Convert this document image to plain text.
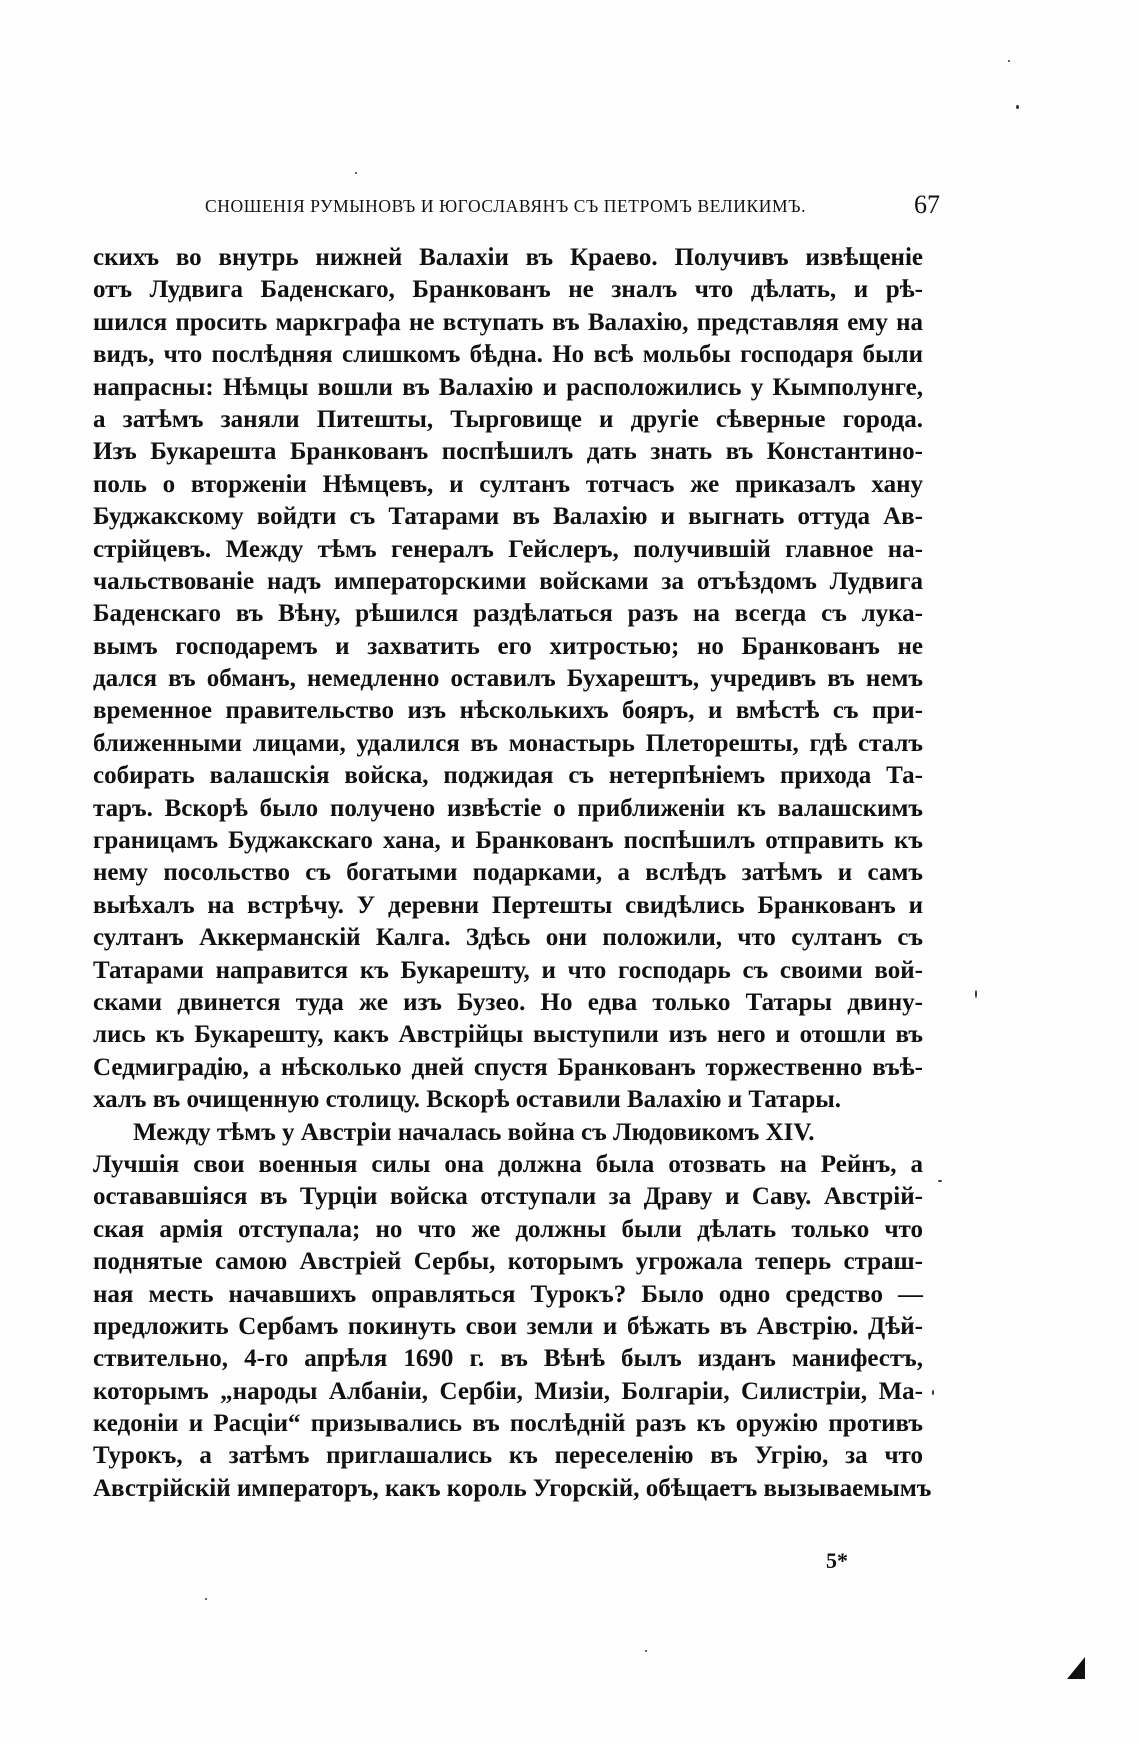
СНОШЕНІЯ РУМЫНОВЪ И ЮГОСЛАВЯНЪ СЪ ПЕТРОМЪ ВЕЛИКИМЪ.	67
скихъ во внутрь нижней Валахіи въ Краево. Получивъ извѣщеніе
отъ Лудвига Баденскаго, Бранкованъ не зналъ что дѣлать, и рѣ-
шился просить маркграфа не вступать въ Валахію, представляя ему на
видъ, что послѣдняя слишкомъ бѣдна. Но всѣ мольбы господаря были
напрасны: Нѣмцы вошли въ Валахію и расположились у Кымполунге,
а затѣмъ заняли Питешты, Тырговище и другіе сѣверные города.
Изъ Букарешта Бранкованъ поспѣшилъ дать знать въ Константино-
поль о вторженіи Нѣмцевъ, и султанъ тотчасъ же приказалъ хану
Буджакскому войдти съ Татарами въ Валахію и выгнать оттуда Ав-
стрійцевъ. Между тѣмъ генералъ Гейслеръ, получившій главное на-
чальствованіе надъ императорскими войсками за отъѣздомъ Лудвига
Баденскаго въ Вѣну, рѣшился раздѣлаться разъ на всегда съ лука-
вымъ господаремъ и захватить его хитростью; но Бранкованъ не
дался въ обманъ, немедленно оставилъ Бухарештъ, учредивъ въ немъ
временное правительство изъ нѣсколькихъ бояръ, и вмѣстѣ съ при-
ближенными лицами, удалился въ монастырь Плеторешты, гдѣ сталъ
собирать валашскія войска, поджидая съ нетерпѣніемъ прихода Та-
таръ. Вскорѣ было получено извѣстіе о приближеніи къ валашскимъ
границамъ Буджакскаго хана, и Бранкованъ поспѣшилъ отправить къ
нему посольство съ богатыми подарками, а вслѣдъ затѣмъ и самъ
выѣхалъ на встрѣчу. У деревни Пертешты свидѣлись Бранкованъ и
султанъ Аккерманскій Калга. Здѣсь они положили, что султанъ съ
Татарами направится къ Букарешту, и что господарь съ своими вой-
сками двинется туда же изъ Бузео. Но едва только Татары двину-
лись къ Букарешту, какъ Австрійцы выступили изъ него и отошли въ
Седмиградію, а нѣсколько дней спустя Бранкованъ торжественно въѣ-
халъ въ очищенную столицу. Вскорѣ оставили Валахію и Татары.
Между тѣмъ у Австріи началась война съ Людовикомъ XIV.
Лучшія свои военныя силы она должна была отозвать на Рейнъ, а
остававшіяся въ Турціи войска отступали за Драву и Саву. Австрій-
ская армія отступала; но что же должны были дѣлать только что
поднятые самою Австріей Сербы, которымъ угрожала теперь страш-
ная месть начавшихъ оправляться Турокъ? Было одно средство —
предложить Сербамъ покинуть свои земли и бѣжать въ Австрію. Дѣй-
ствительно, 4-го апрѣля 1690 г. въ Вѣнѣ былъ изданъ манифестъ,
которымъ „народы Албаніи, Сербіи, Мизіи, Болгаріи, Силистріи, Ма-
кедоніи и Расціи“ призывались въ послѣдній разъ къ оружію противъ
Турокъ, а затѣмъ приглашались къ переселенію въ Угрію, за что
Австрійскій императоръ, какъ король Угорскій, обѣщаетъ вызываемымъ
5*
